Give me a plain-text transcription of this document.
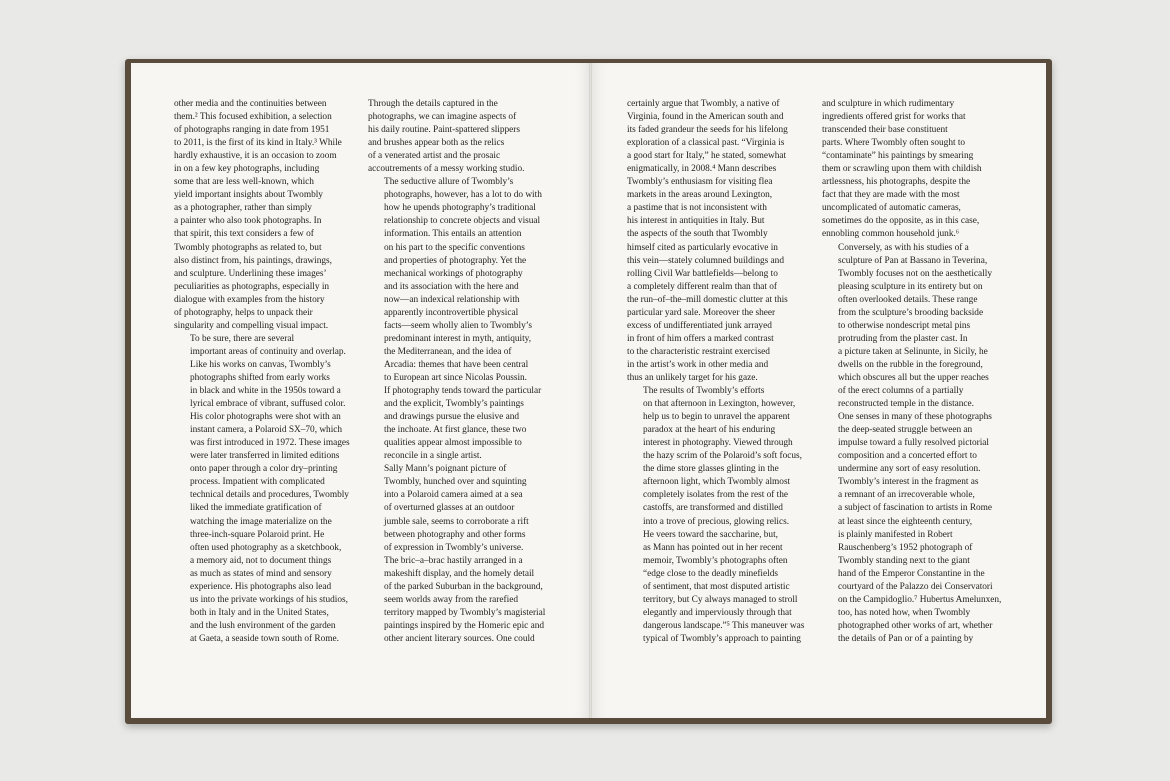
other media and the continuities between
them.² This focused exhibition, a selection
of photographs ranging in date from 1951
to 2011, is the first of its kind in Italy.³ While
hardly exhaustive, it is an occasion to zoom
in on a few key photographs, including
some that are less well-known, which
yield important insights about Twombly
as a photographer, rather than simply
a painter who also took photographs. In
that spirit, this text considers a few of
Twombly photographs as related to, but
also distinct from, his paintings, drawings,
and sculpture. Underlining these images’
peculiarities as photographs, especially in
dialogue with examples from the history
of photography, helps to unpack their
singularity and compelling visual impact.

To be sure, there are several
important areas of continuity and overlap.
Like his works on canvas, Twombly’s
photographs shifted from early works
in black and white in the 1950s toward a
lyrical embrace of vibrant, suffused color.
His color photographs were shot with an
instant camera, a Polaroid SX–70, which
was first introduced in 1972. These images
were later transferred in limited editions
onto paper through a color dry–printing
process. Impatient with complicated
technical details and procedures, Twombly
liked the immediate gratification of
watching the image materialize on the
three-inch-square Polaroid print. He
often used photography as a sketchbook,
a memory aid, not to document things
as much as states of mind and sensory
experience. His photographs also lead
us into the private workings of his studios,
both in Italy and in the United States,
and the lush environment of the garden
at Gaeta, a seaside town south of Rome.

Through the details captured in the
photographs, we can imagine aspects of
his daily routine. Paint-spattered slippers
and brushes appear both as the relics
of a venerated artist and the prosaic
accoutrements of a messy working studio.

The seductive allure of Twombly’s
photographs, however, has a lot to do with
how he upends photography’s traditional
relationship to concrete objects and visual
information. This entails an attention
on his part to the specific conventions
and properties of photography. Yet the
mechanical workings of photography
and its association with the here and
now—an indexical relationship with
apparently incontrovertible physical
facts—seem wholly alien to Twombly’s
predominant interest in myth, antiquity,
the Mediterranean, and the idea of
Arcadia: themes that have been central
to European art since Nicolas Poussin.
If photography tends toward the particular
and the explicit, Twombly’s paintings
and drawings pursue the elusive and
the inchoate. At first glance, these two
qualities appear almost impossible to
reconcile in a single artist.

Sally Mann’s poignant picture of
Twombly, hunched over and squinting
into a Polaroid camera aimed at a sea
of overturned glasses at an outdoor
jumble sale, seems to corroborate a rift
between photography and other forms
of expression in Twombly’s universe.
The bric–a–brac hastily arranged in a
makeshift display, and the homely detail
of the parked Suburban in the background,
seem worlds away from the rarefied
territory mapped by Twombly’s magisterial
paintings inspired by the Homeric epic and
other ancient literary sources. One could

certainly argue that Twombly, a native of
Virginia, found in the American south and
its faded grandeur the seeds for his lifelong
exploration of a classical past. “Virginia is
a good start for Italy,” he stated, somewhat
enigmatically, in 2008.⁴ Mann describes
Twombly’s enthusiasm for visiting flea
markets in the areas around Lexington,
a pastime that is not inconsistent with
his interest in antiquities in Italy. But
the aspects of the south that Twombly
himself cited as particularly evocative in
this vein—stately columned buildings and
rolling Civil War battlefields—belong to
a completely different realm than that of
the run–of–the–mill domestic clutter at this
particular yard sale. Moreover the sheer
excess of undifferentiated junk arrayed
in front of him offers a marked contrast
to the characteristic restraint exercised
in the artist’s work in other media and
thus an unlikely target for his gaze.

The results of Twombly’s efforts
on that afternoon in Lexington, however,
help us to begin to unravel the apparent
paradox at the heart of his enduring
interest in photography. Viewed through
the hazy scrim of the Polaroid’s soft focus,
the dime store glasses glinting in the
afternoon light, which Twombly almost
completely isolates from the rest of the
castoffs, are transformed and distilled
into a trove of precious, glowing relics.
He veers toward the saccharine, but,
as Mann has pointed out in her recent
memoir, Twombly’s photographs often
“edge close to the deadly minefields
of sentiment, that most disputed artistic
territory, but Cy always managed to stroll
elegantly and imperviously through that
dangerous landscape.”⁵ This maneuver was
typical of Twombly’s approach to painting

and sculpture in which rudimentary
ingredients offered grist for works that
transcended their base constituent
parts. Where Twombly often sought to
“contaminate” his paintings by smearing
them or scrawling upon them with childish
artlessness, his photographs, despite the
fact that they are made with the most
uncomplicated of automatic cameras,
sometimes do the opposite, as in this case,
ennobling common household junk.⁶

Conversely, as with his studies of a
sculpture of Pan at Bassano in Teverina,
Twombly focuses not on the aesthetically
pleasing sculpture in its entirety but on
often overlooked details. These range
from the sculpture’s brooding backside
to otherwise nondescript metal pins
protruding from the plaster cast. In
a picture taken at Selinunte, in Sicily, he
dwells on the rubble in the foreground,
which obscures all but the upper reaches
of the erect columns of a partially
reconstructed temple in the distance.
One senses in many of these photographs
the deep-seated struggle between an
impulse toward a fully resolved pictorial
composition and a concerted effort to
undermine any sort of easy resolution.
Twombly’s interest in the fragment as
a remnant of an irrecoverable whole,
a subject of fascination to artists in Rome
at least since the eighteenth century,
is plainly manifested in Robert
Rauschenberg’s 1952 photograph of
Twombly standing next to the giant
hand of the Emperor Constantine in the
courtyard of the Palazzo dei Conservatori
on the Campidoglio.⁷ Hubertus Amelunxen,
too, has noted how, when Twombly
photographed other works of art, whether
the details of Pan or of a painting by
